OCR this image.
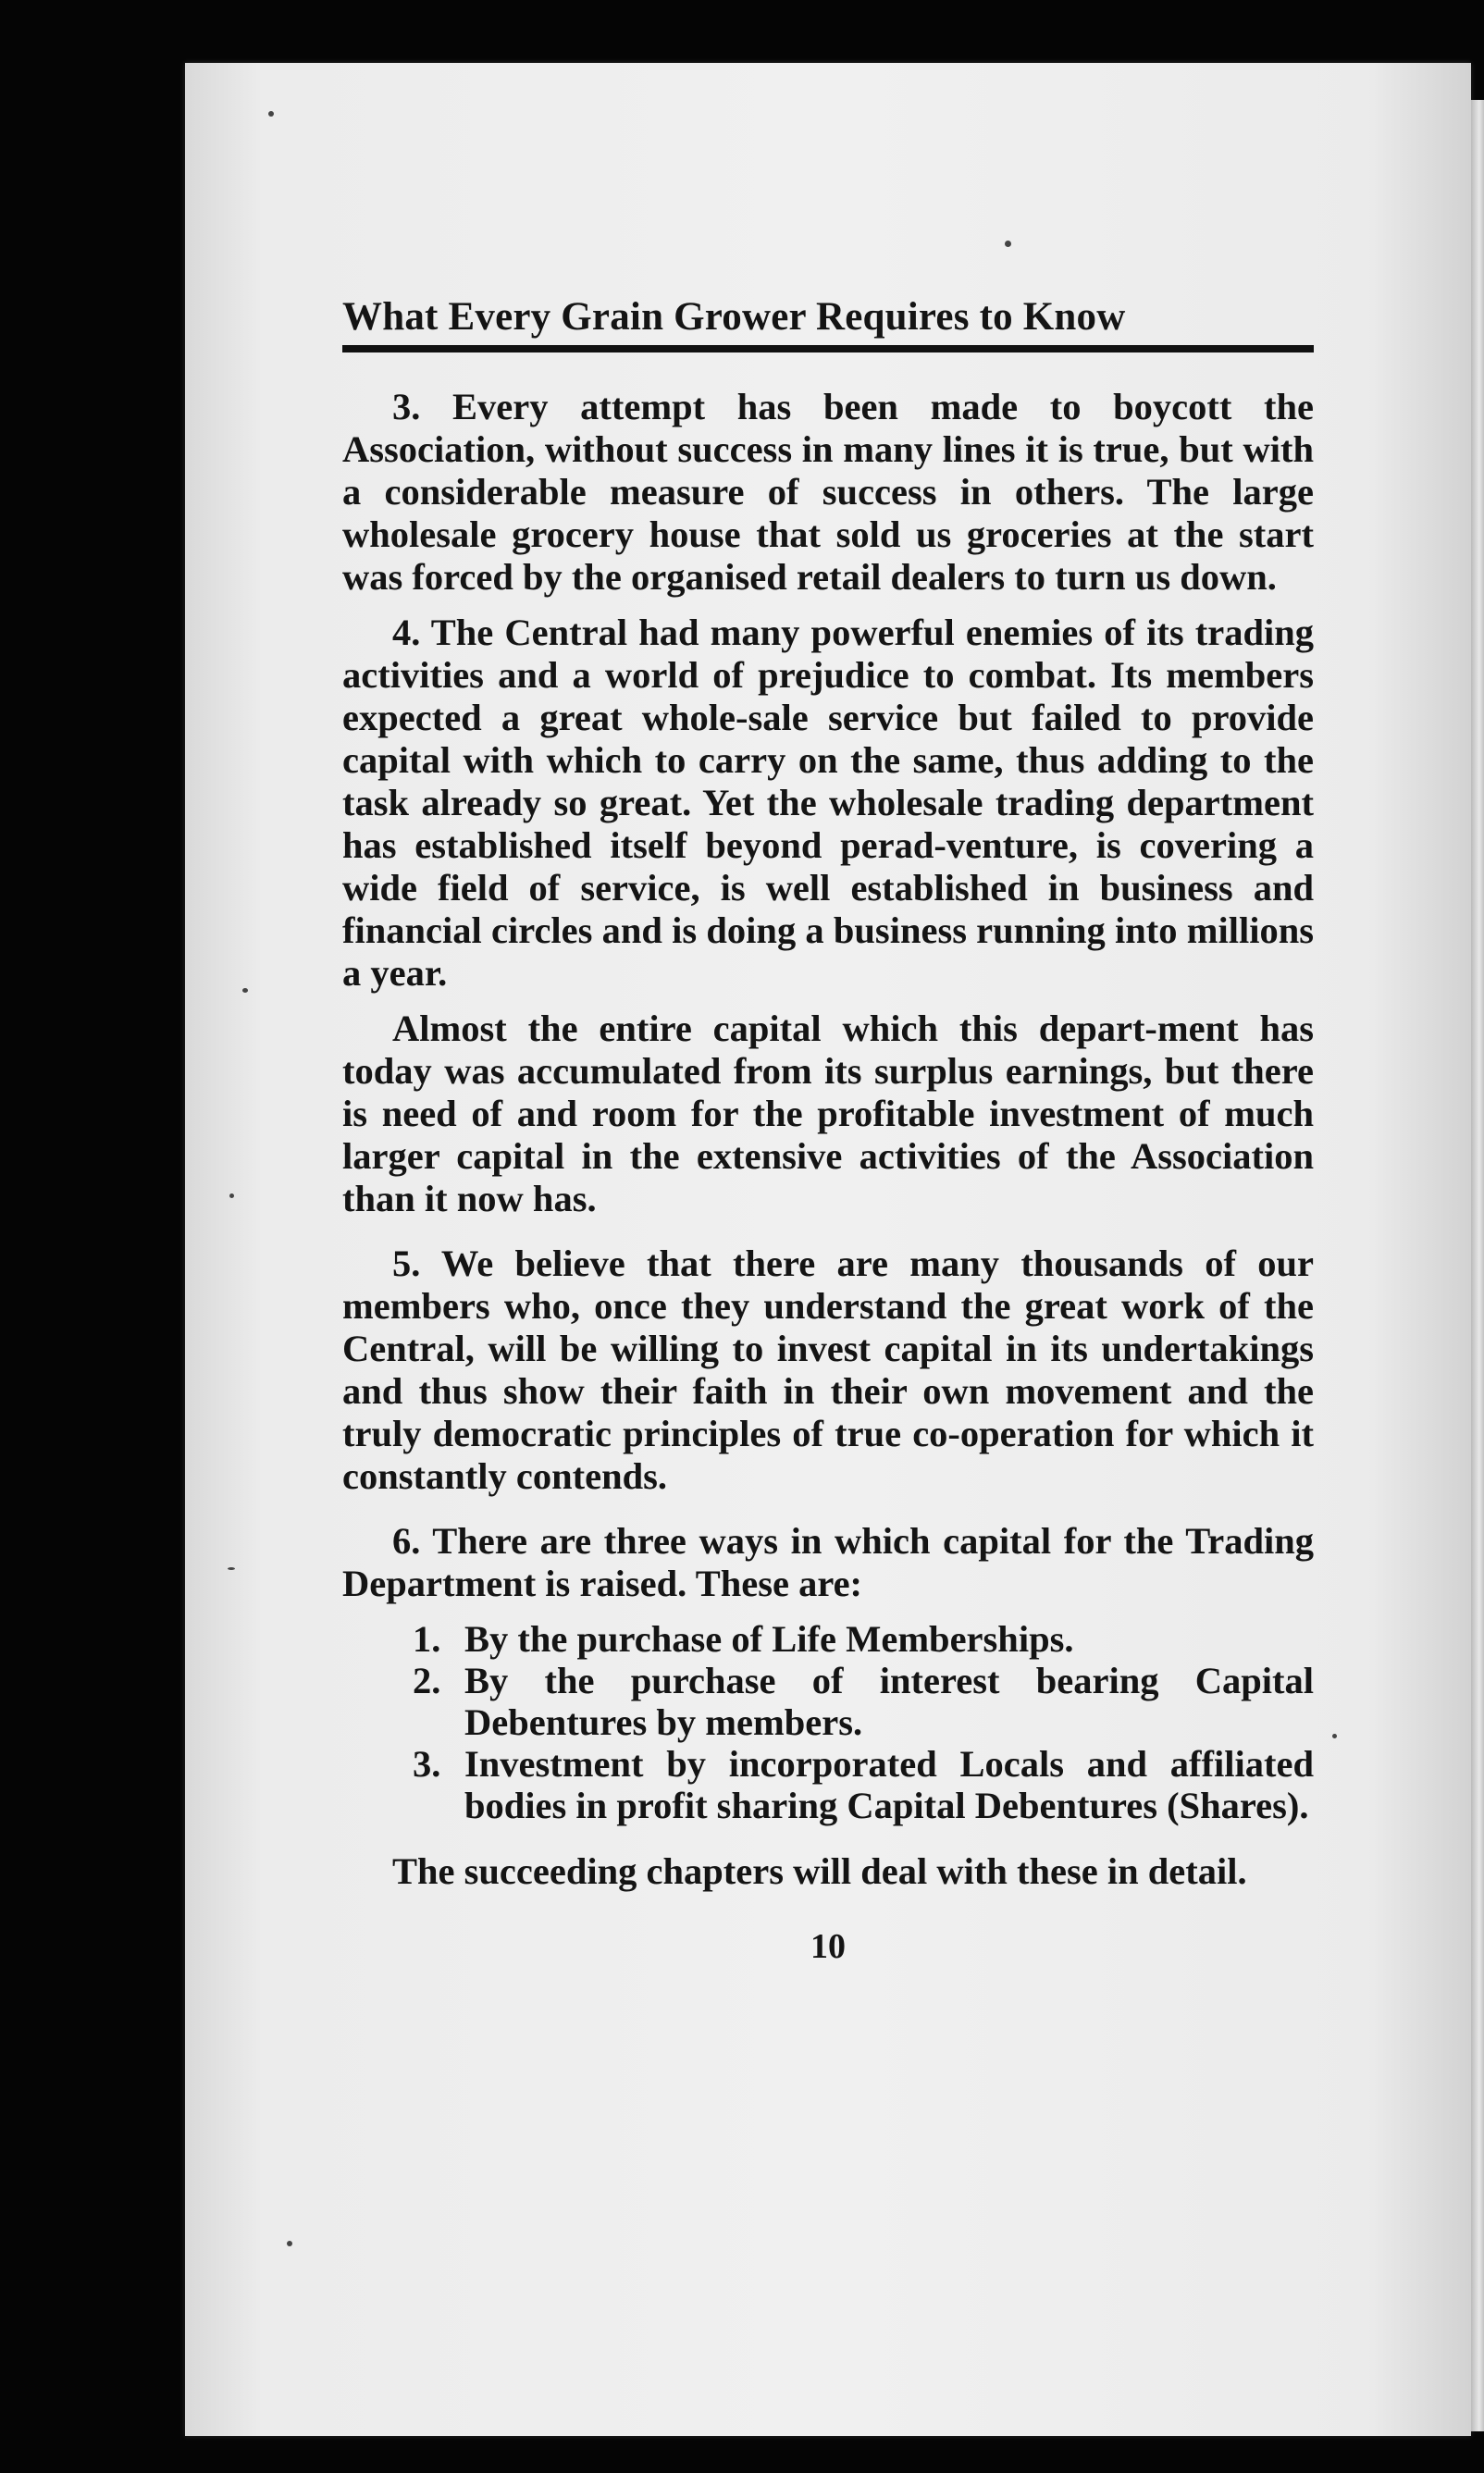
What Every Grain Grower Requires to Know

3. Every attempt has been made to boycott the Association, without success in many lines it is true, but with a considerable measure of success in others. The large wholesale grocery house that sold us groceries at the start was forced by the organised retail dealers to turn us down.

4. The Central had many powerful enemies of its trading activities and a world of prejudice to combat. Its members expected a great whole-sale service but failed to provide capital with which to carry on the same, thus adding to the task already so great. Yet the wholesale trading department has established itself beyond perad-venture, is covering a wide field of service, is well established in business and financial circles and is doing a business running into millions a year.

Almost the entire capital which this depart-ment has today was accumulated from its surplus earnings, but there is need of and room for the profitable investment of much larger capital in the extensive activities of the Association than it now has.

5. We believe that there are many thousands of our members who, once they understand the great work of the Central, will be willing to invest capital in its undertakings and thus show their faith in their own movement and the truly democratic principles of true co-operation for which it constantly contends.

6. There are three ways in which capital for the Trading Department is raised. These are:

1. By the purchase of Life Memberships.
2. By the purchase of interest bearing Capital Debentures by members.
3. Investment by incorporated Locals and affiliated bodies in profit sharing Capital Debentures (Shares).

The succeeding chapters will deal with these in detail.

10
